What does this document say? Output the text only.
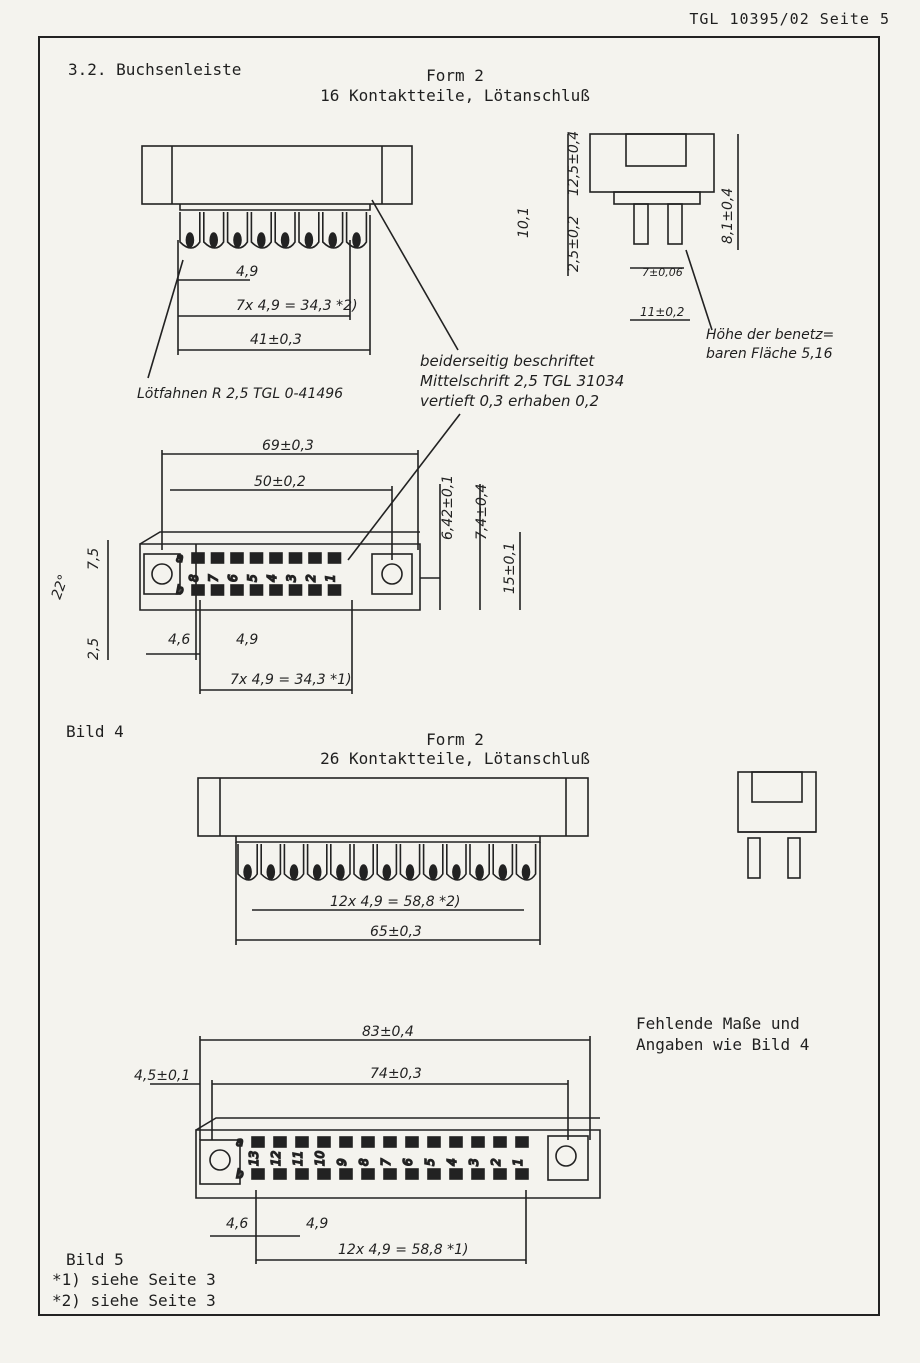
TGL 10395/02 Seite 5
3.2. Buchsenleiste	Form 2
16 Kontaktteile, Lötanschluß
8 7 6 5 4 3 2 1
a
b
13 12 11 10 9 8 7 6 5 4 3 2 1
a
b
4,9
7x 4,9 = 34,3 *2)
41±0,3
69±0,3
50±0,2
4,9
7x 4,9 = 34,3 *1)
4,6
6,42±0,1 7,4±0,4
15±0,1
7,5
2,5
22°
12,5±0,4
10,1 2,5±0,2	8,1±0,4
7±0,06
11±0,2
12x 4,9 = 58,8 *2)
65±0,3
83±0,4
74±0,3
4,5±0,1
4,6	4,9
12x 4,9 = 58,8 *1)
beiderseitig beschriftet
Mittelschrift 2,5 TGL 31034
vertieft 0,3 erhaben 0,2
Lötfahnen R 2,5 TGL 0-41496
Höhe der benetz=
baren Fläche 5,16
Bild 4	Form 2
26 Kontaktteile, Lötanschluß
Fehlende Maße und
Angaben wie Bild 4
Bild 5
*1) siehe Seite 3
*2) siehe Seite 3
